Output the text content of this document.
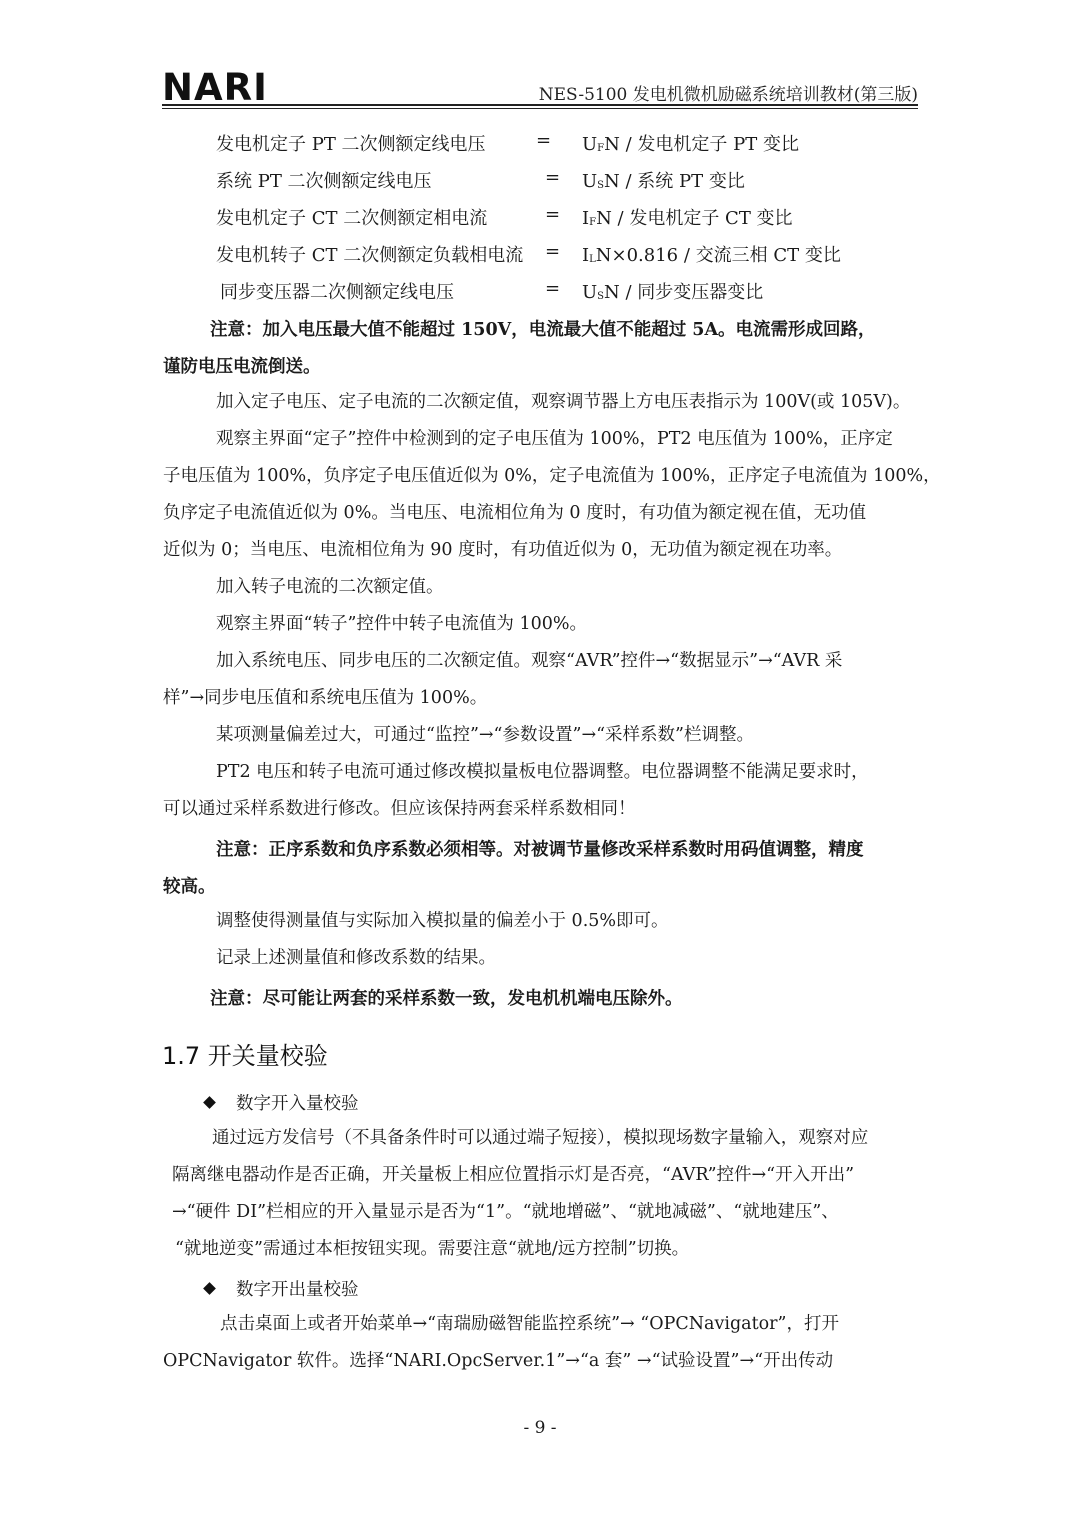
NARI	NES-5100 发电机微机励磁系统培训教材(第三版)
发电机定子 PT 二次侧额定线电压	= $U_FN$ / 发电机定子 PT 变比
系统 PT 二次侧额定线电压	= $U_SN$ / 系统 PT 变比
发电机定子 CT 二次侧额定相电流	= $I_FN$ / 发电机定子 CT 变比
发电机转子 CT 二次侧额定负载相电流 = $I_LN\times 0.816$ / 交流三相 CT 变比
同步变压器二次侧额定线电压	= $U_SN$ / 同步变压器变比
注意：加入电压最大值不能超过 150V，电流最大值不能超过 5A。电流需形成回路，
谨防电压电流倒送。
加入定子电压、定子电流的二次额定值，观察调节器上方电压表指示为 100V(或 105V)。
观察主界面“定子”控件中检测到的定子电压值为 100%，PT2 电压值为 100%，正序定
子电压值为 100%，负序定子电压值近似为 0%，定子电流值为 100%，正序定子电流值为 100%，
负序定子电流值近似为 0%。当电压、电流相位角为 0 度时，有功值为额定视在值，无功值
近似为 0；当电压、电流相位角为 90 度时，有功值近似为 0，无功值为额定视在功率。
加入转子电流的二次额定值。
观察主界面“转子”控件中转子电流值为 100%。
加入系统电压、同步电压的二次额定值。观察“AVR”控件→“数据显示”→“AVR 采
样”→同步电压值和系统电压值为 100%。
某项测量偏差过大，可通过“监控”→“参数设置”→“采样系数”栏调整。
PT2 电压和转子电流可通过修改模拟量板电位器调整。电位器调整不能满足要求时，
可以通过采样系数进行修改。但应该保持两套采样系数相同！
注意：正序系数和负序系数必须相等。对被调节量修改采样系数时用码值调整，精度
较高。
调整使得测量值与实际加入模拟量的偏差小于 0.5%即可。
记录上述测量值和修改系数的结果。
注意：尽可能让两套的采样系数一致，发电机机端电压除外。
1.7 开关量校验
数字开入量校验
通过远方发信号（不具备条件时可以通过端子短接），模拟现场数字量输入，观察对应
隔离继电器动作是否正确，开关量板上相应位置指示灯是否亮，“AVR”控件→“开入开出”
→“硬件 DI”栏相应的开入量显示是否为“1”。“就地增磁”、“就地减磁”、“就地建压”、
“就地逆变”需通过本柜按钮实现。需要注意“就地/远方控制”切换。
数字开出量校验
点击桌面上或者开始菜单→“南瑞励磁智能监控系统”→ “OPCNavigator”，打开
OPCNavigator 软件。选择“NARI.OpcServer.1”→“a 套” →“试验设置”→“开出传动
- 9 -
